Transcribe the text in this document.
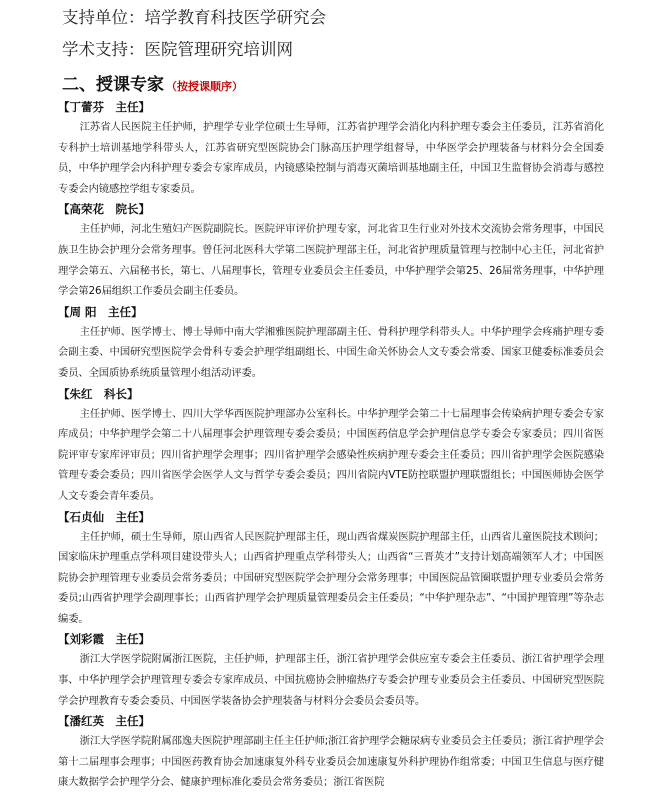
支持单位：培学教育科技医学研究会
学术支持：医院管理研究培训网
二、授课专家 （按授课顺序）
【丁蕾芬　主任】

江苏省人民医院主任护师，护理学专业学位硕士生导师，江苏省护理学会消化内科护理专委会主任委员，江苏省消化专科护士培训基地学科带头人，江苏省研究型医院协会门脉高压护理学组督导，中华医学会护理装备与材料分会全国委员，中华护理学会内科护理专委会专家库成员，内镜感染控制与消毒灭菌培训基地副主任，中国卫生监督协会消毒与感控专委会内镜感控学组专家委员。

【高荣花　院长】

主任护师，河北生殖妇产医院副院长。医院评审评价护理专家，河北省卫生行业对外技术交流协会常务理事，中国民族卫生协会护理分会常务理事。曾任河北医科大学第二医院护理部主任，河北省护理质量管理与控制中心主任，河北省护理学会第五、六届秘书长，第七、八届理事长，管理专业委员会主任委员，中华护理学会第25、26届常务理事，中华护理学会第26届组织工作委员会副主任委员。

【周 阳　主任】

主任护师、医学博士、博士导师中南大学湘雅医院护理部副主任、骨科护理学科带头人。中华护理学会疼痛护理专委会副主委、中国研究型医院学会骨科专委会护理学组副组长、中国生命关怀协会人文专委会常委、国家卫健委标准委员会委员、全国质协系统质量管理小组活动评委。

【朱红　科长】

主任护师、医学博士、四川大学华西医院护理部办公室科长。中华护理学会第二十七届理事会传染病护理专委会专家库成员；中华护理学会第二十八届理事会护理管理专委会委员；中国医药信息学会护理信息学专委会专家委员；四川省医院评审专家库评审员；四川省护理学会理事；四川省护理学会感染性疾病护理专委会主任委员；四川省护理学会医院感染管理专委会委员；四川省医学会医学人文与哲学专委会委员；四川省院内VTE防控联盟护理联盟组长；中国医师协会医学人文专委会青年委员。

【石贞仙　主任】

主任护师，硕士生导师，原山西省人民医院护理部主任，现山西省煤炭医院护理部主任，山西省儿童医院技术顾问；国家临床护理重点学科项目建设带头人；山西省护理重点学科带头人；山西省“三晋英才”支持计划高端领军人才；中国医院协会护理管理专业委员会常务委员；中国研究型医院学会护理分会常务理事；中国医院品管圈联盟护理专业委员会常务委员;山西省护理学会副理事长；山西省护理学会护理质量管理委员会主任委员；“中华护理杂志”、“中国护理管理”等杂志编委。

【刘彩霞　主任】

浙江大学医学院附属浙江医院，主任护师，护理部主任，浙江省护理学会供应室专委会主任委员、浙江省护理学会理事、中华护理学会护理管理专委会专家库成员、中国抗癌协会肿瘤热疗专委会护理专业委员会主任委员、中国研究型医院学会护理教育专委会委员、中国医学装备协会护理装备与材料分会委员会委员等。

【潘红英　主任】

浙江大学医学院附属邵逸夫医院护理部副主任主任护师;浙江省护理学会糖尿病专业委员会主任委员；浙江省护理学会第十二届理事会理事；中国医药教育协会加速康复外科专业委员会加速康复外科护理协作组常委；中国卫生信息与医疗健康大数据学会护理学分会、健康护理标准化委员会常务委员；浙江省医院
